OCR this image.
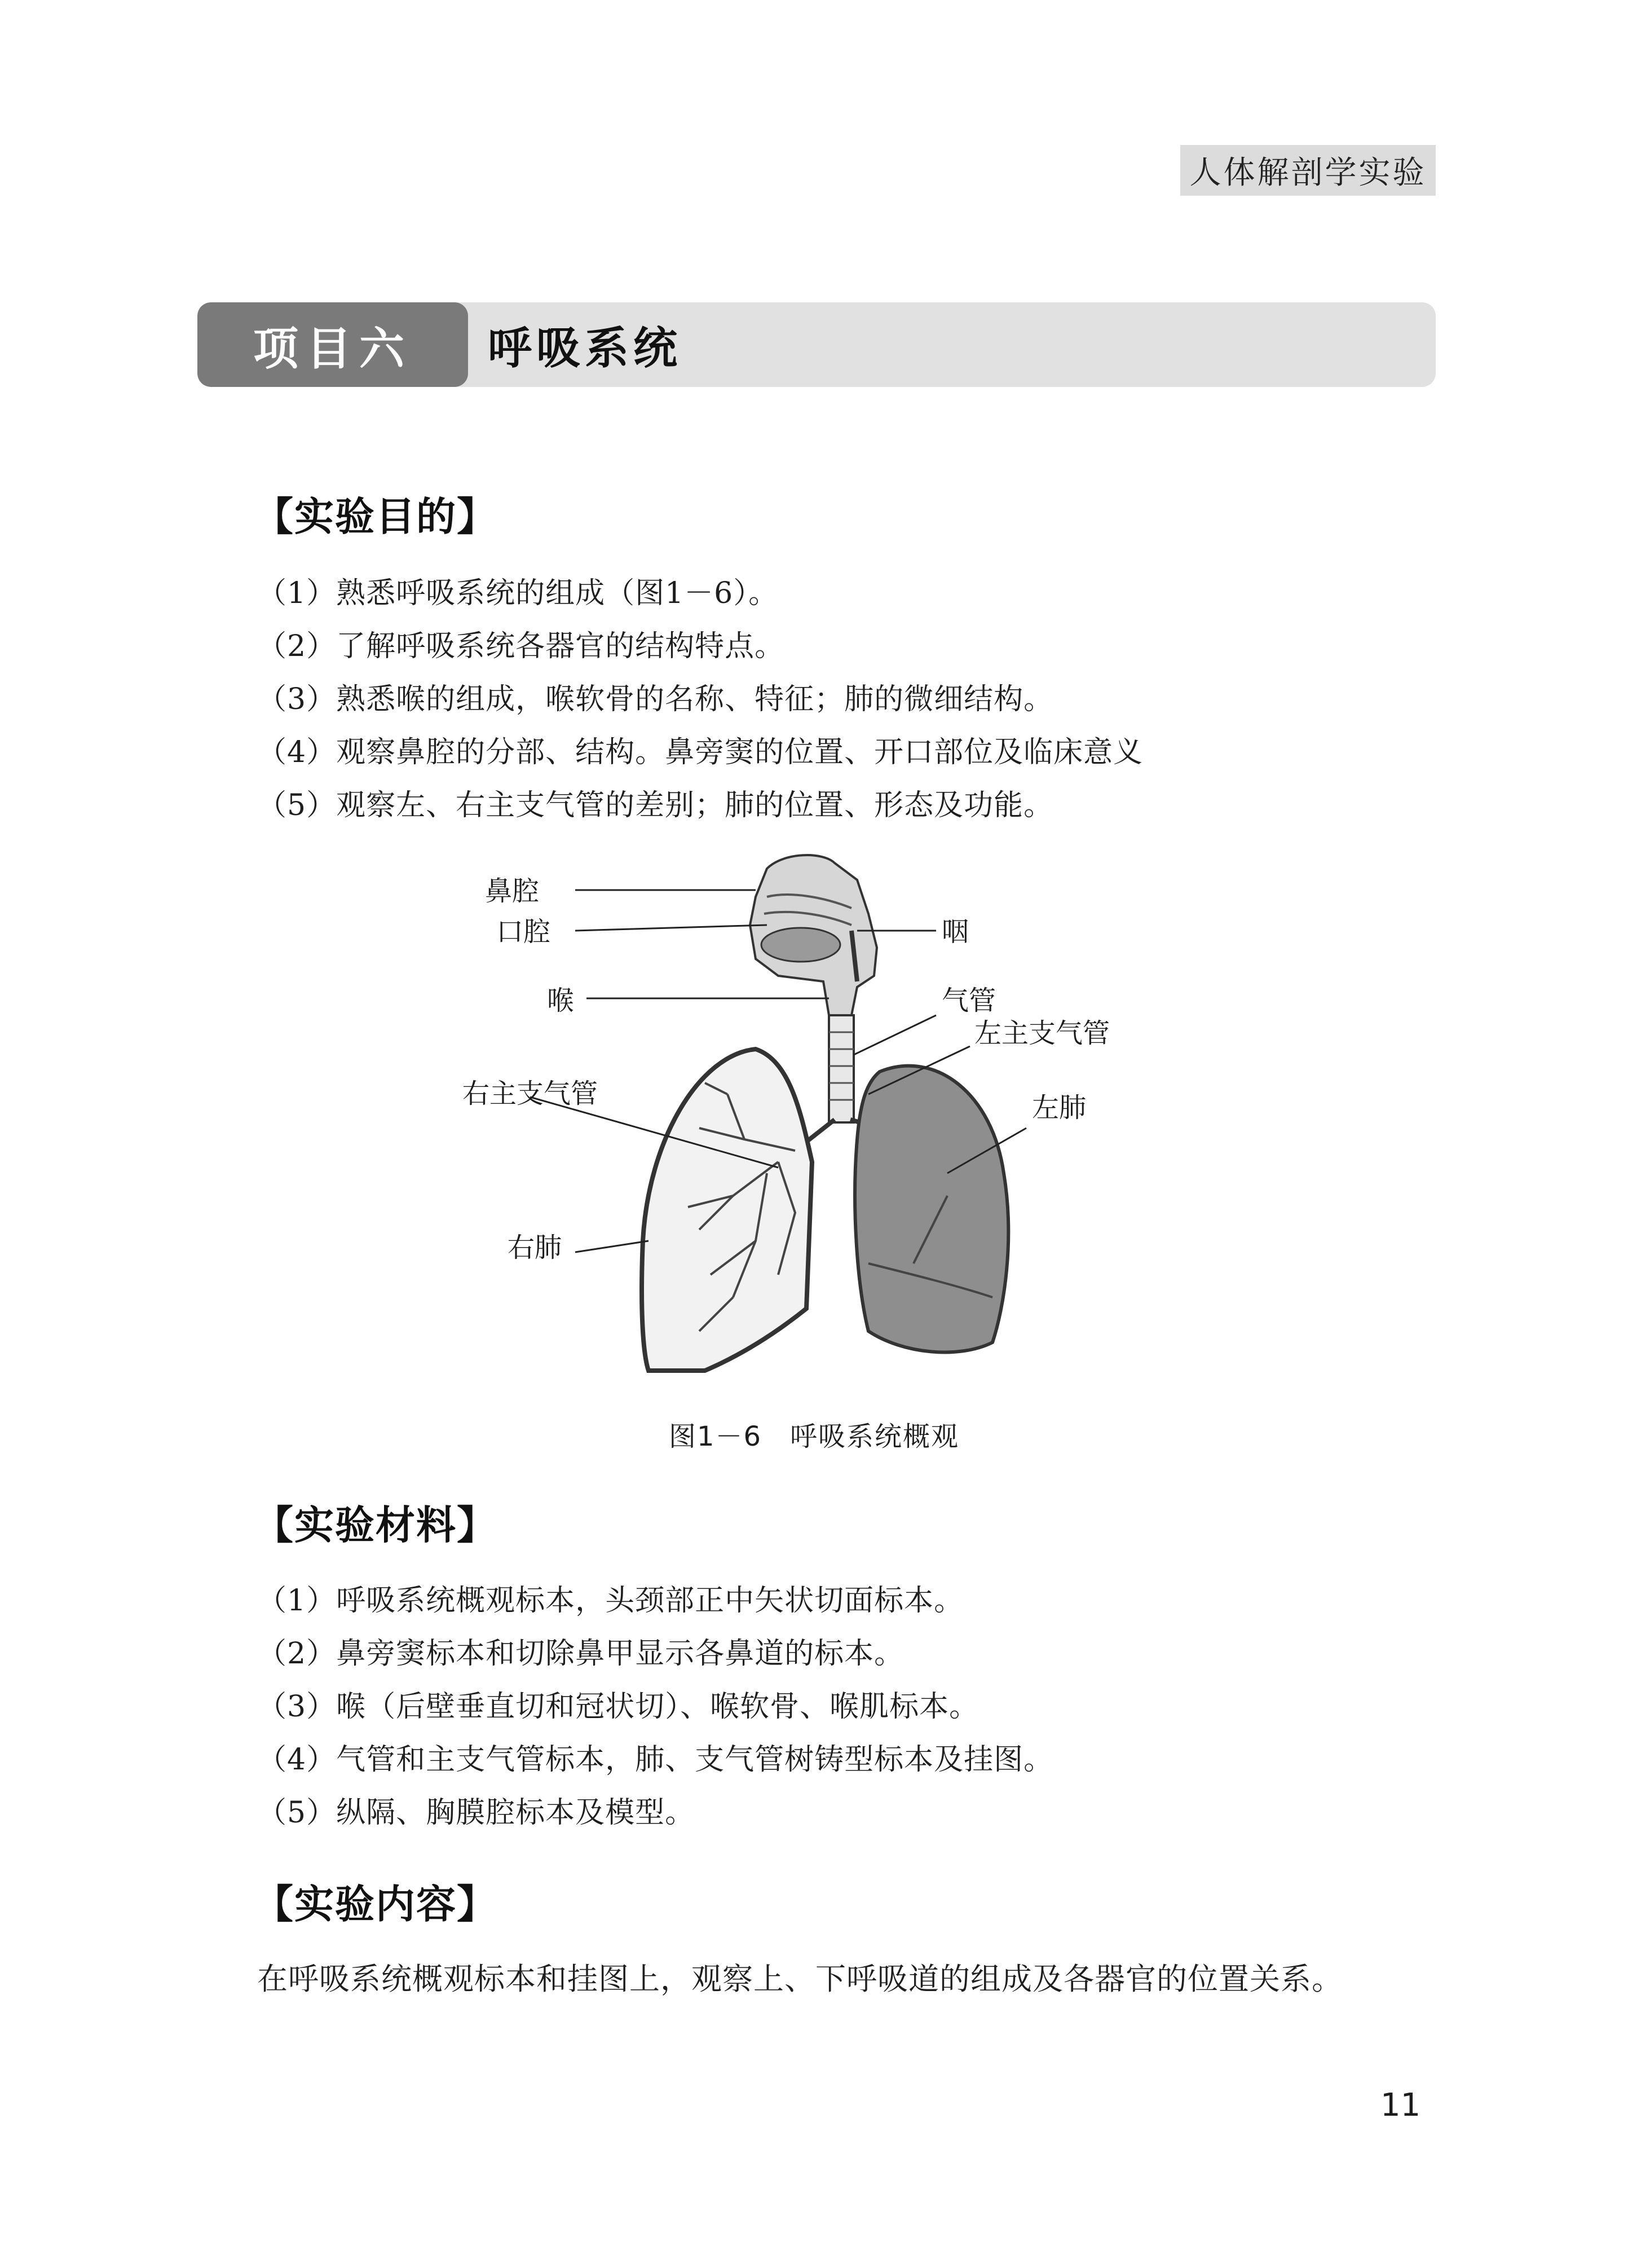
人体解剖学实验
项目六	呼吸系统
【实验目的】
（1）熟悉呼吸系统的组成（图1－6）。
（2）了解呼吸系统各器官的结构特点。
（3）熟悉喉的组成，喉软骨的名称、特征；肺的微细结构。
（4）观察鼻腔的分部、结构。鼻旁窦的位置、开口部位及临床意义
（5）观察左、右主支气管的差别；肺的位置、形态及功能。
鼻腔
口腔	咽
喉	气管
左主支气管
右主支气管	左肺
右肺
图1－6　呼吸系统概观
【实验材料】
（1）呼吸系统概观标本，头颈部正中矢状切面标本。
（2）鼻旁窦标本和切除鼻甲显示各鼻道的标本。
（3）喉（后壁垂直切和冠状切）、喉软骨、喉肌标本。
（4）气管和主支气管标本，肺、支气管树铸型标本及挂图。
（5）纵隔、胸膜腔标本及模型。
【实验内容】
在呼吸系统概观标本和挂图上，观察上、下呼吸道的组成及各器官的位置关系。
11
